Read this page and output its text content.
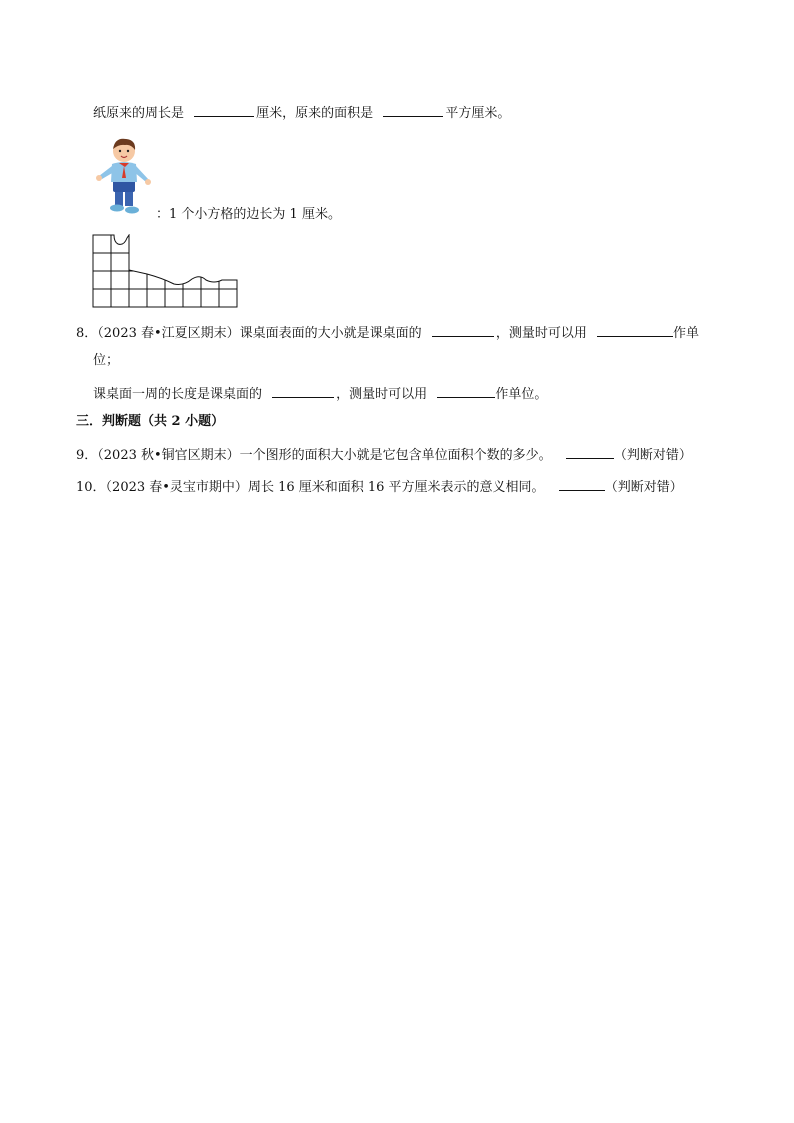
纸原来的周长是	厘米，原来的面积是	平方厘米。
：1 个小方格的边长为 1 厘米。
8．（2023 春•江夏区期末）课桌面表面的大小就是课桌面的	，测量时可以用	作单
位；
课桌面一周的长度是课桌面的	，测量时可以用	作单位。
三．判断题（共 2 小题）
9．（2023 秋•铜官区期末）一个图形的面积大小就是它包含单位面积个数的多少。	（判断对错）
10．（2023 春•灵宝市期中）周长 16 厘米和面积 16 平方厘米表示的意义相同。	（判断对错）
